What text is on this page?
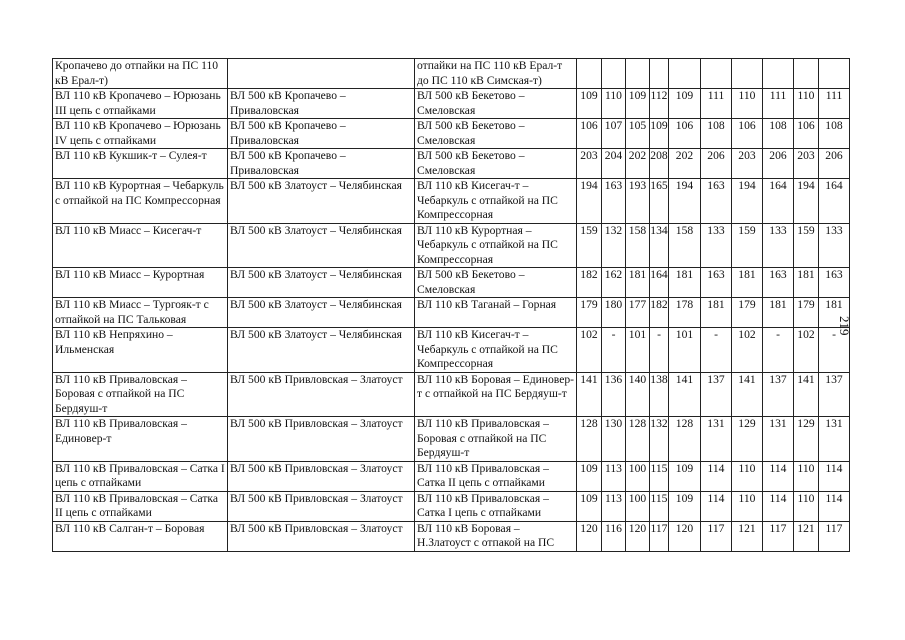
Кропачево до отпайки на ПС 110 кВ Ерал-т)		отпайки на ПС 110 кВ Ерал-т до ПС 110 кВ Симская-т)										
ВЛ 110 кВ Кропачево – Юрюзань III цепь с отпайками	ВЛ 500 кВ Кропачево – Приваловская	ВЛ 500 кВ Бекетово – Смеловская	109	110	109	112	109	111	110	111	110	111
ВЛ 110 кВ Кропачево – Юрюзань IV цепь с отпайками	ВЛ 500 кВ Кропачево – Приваловская	ВЛ 500 кВ Бекетово – Смеловская	106	107	105	109	106	108	106	108	106	108
ВЛ 110 кВ Кукшик-т – Сулея-т	ВЛ 500 кВ Кропачево – Приваловская	ВЛ 500 кВ Бекетово – Смеловская	203	204	202	208	202	206	203	206	203	206
ВЛ 110 кВ Курортная – Чебаркуль с отпайкой на ПС Компрессорная	ВЛ 500 кВ Златоуст – Челябинская	ВЛ 110 кВ Кисегач-т – Чебаркуль с отпайкой на ПС Компрессорная	194	163	193	165	194	163	194	164	194	164
ВЛ 110 кВ Миасс – Кисегач-т	ВЛ 500 кВ Златоуст – Челябинская	ВЛ 110 кВ Курортная – Чебаркуль с отпайкой на ПС Компрессорная	159	132	158	134	158	133	159	133	159	133
ВЛ 110 кВ Миасс – Курортная	ВЛ 500 кВ Златоуст – Челябинская	ВЛ 500 кВ Бекетово – Смеловская	182	162	181	164	181	163	181	163	181	163
ВЛ 110 кВ Миасс – Тургояк-т с отпайкой на ПС Тальковая	ВЛ 500 кВ Златоуст – Челябинская	ВЛ 110 кВ Таганай – Горная	179	180	177	182	178	181	179	181	179	181
ВЛ 110 кВ Непряхино – Ильменская	ВЛ 500 кВ Златоуст – Челябинская	ВЛ 110 кВ Кисегач-т – Чебаркуль с отпайкой на ПС Компрессорная	102	-	101	-	101	-	102	-	102	-
ВЛ 110 кВ Приваловская – Боровая с отпайкой на ПС Бердяуш-т	ВЛ 500 кВ Привловская – Златоуст	ВЛ 110 кВ Боровая – Единовер-т с отпайкой на ПС Бердяуш-т	141	136	140	138	141	137	141	137	141	137
ВЛ 110 кВ Приваловская – Единовер-т	ВЛ 500 кВ Привловская – Златоуст	ВЛ 110 кВ Приваловская – Боровая с отпайкой на ПС Бердяуш-т	128	130	128	132	128	131	129	131	129	131
ВЛ 110 кВ Приваловская – Сатка I цепь с отпайками	ВЛ 500 кВ Привловская – Златоуст	ВЛ 110 кВ Приваловская – Сатка II цепь с отпайками	109	113	100	115	109	114	110	114	110	114
ВЛ 110 кВ Приваловская – Сатка II цепь с отпайками	ВЛ 500 кВ Привловская – Златоуст	ВЛ 110 кВ Приваловская – Сатка I цепь с отпайками	109	113	100	115	109	114	110	114	110	114
ВЛ 110 кВ Салган-т – Боровая	ВЛ 500 кВ Привловская – Златоуст	ВЛ 110 кВ Боровая – Н.Златоуст с отпакой на ПС	120	116	120	117	120	117	121	117	121	117
219
